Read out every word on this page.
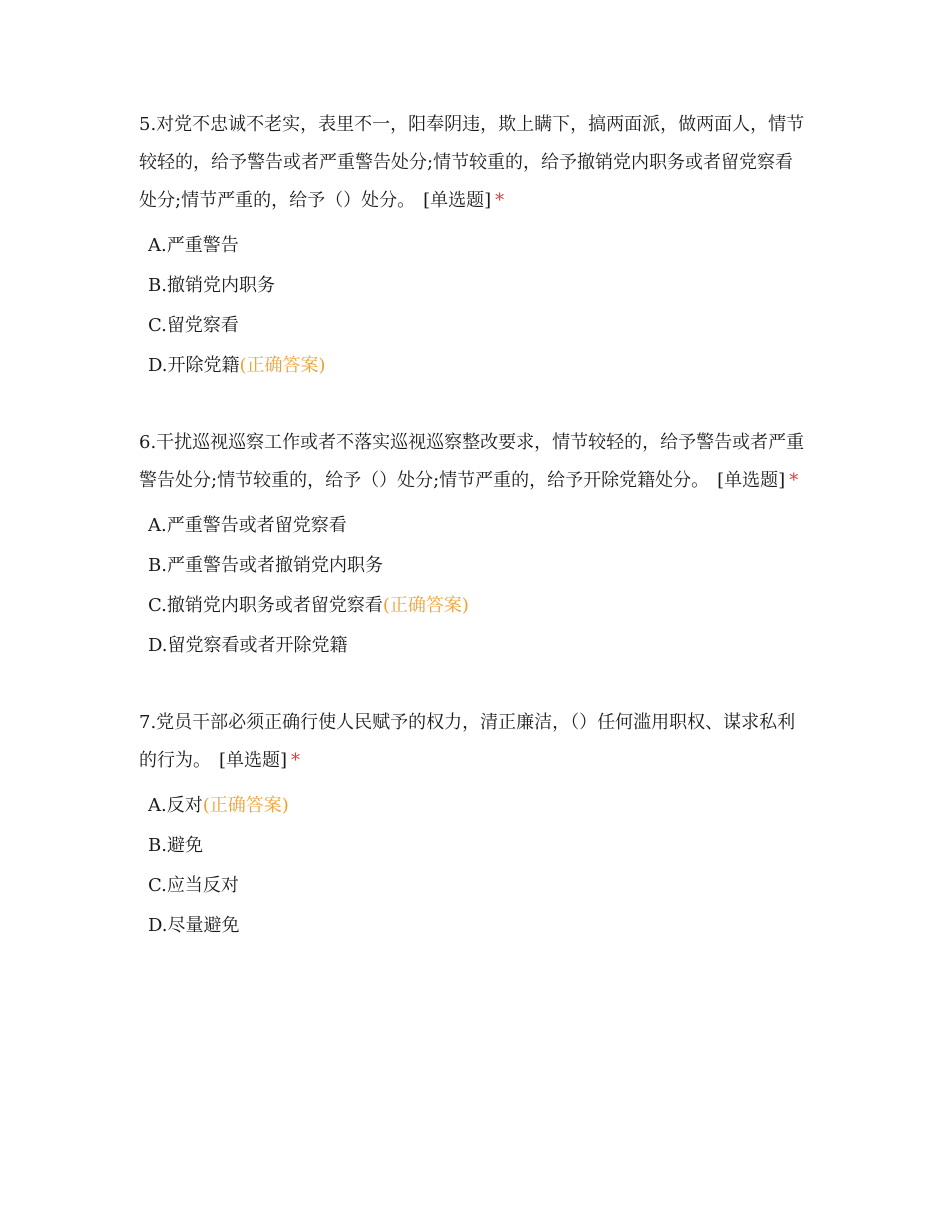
5.对党不忠诚不老实，表里不一，阳奉阴违，欺上瞒下，搞两面派，做两面人，情节较轻的，给予警告或者严重警告处分;情节较重的，给予撤销党内职务或者留党察看处分;情节严重的，给予（）处分。 [单选题] *

A.严重警告
B.撤销党内职务
C.留党察看
D.开除党籍(正确答案)

6.干扰巡视巡察工作或者不落实巡视巡察整改要求，情节较轻的，给予警告或者严重警告处分;情节较重的，给予（）处分;情节严重的，给予开除党籍处分。 [单选题] *

A.严重警告或者留党察看
B.严重警告或者撤销党内职务
C.撤销党内职务或者留党察看(正确答案)
D.留党察看或者开除党籍

7.党员干部必须正确行使人民赋予的权力，清正廉洁，（）任何滥用职权、谋求私利的行为。 [单选题] *

A.反对(正确答案)
B.避免
C.应当反对
D.尽量避免
